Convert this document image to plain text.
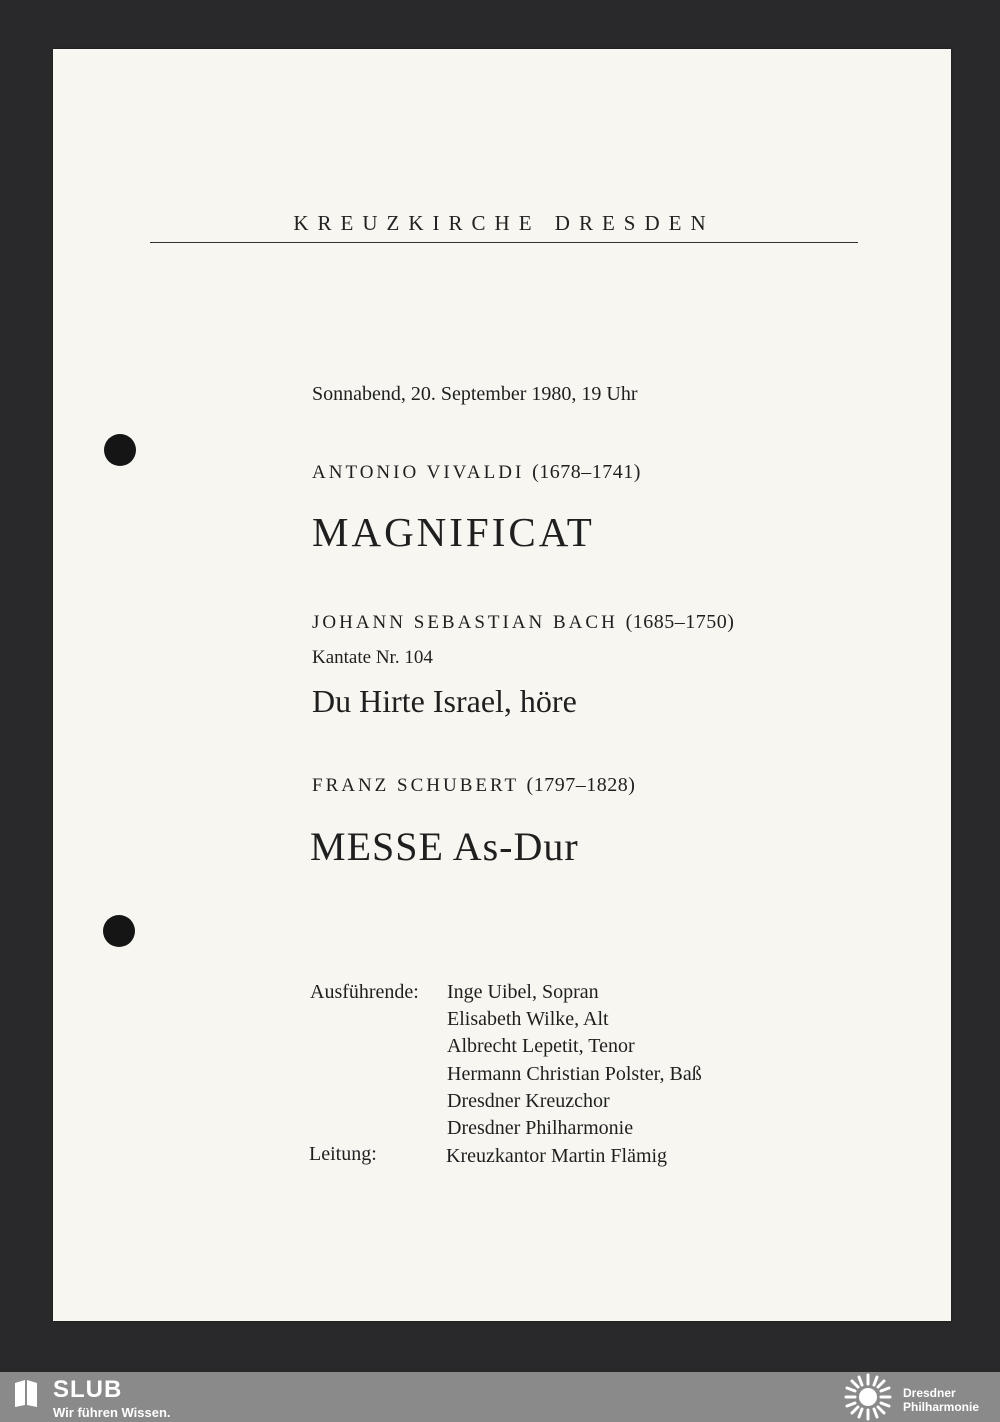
KREUZKIRCHE DRESDEN
Sonnabend, 20. September 1980, 19 Uhr
ANTONIO VIVALDI (1678–1741)
MAGNIFICAT
JOHANN SEBASTIAN BACH (1685–1750)
Kantate Nr. 104
Du Hirte Israel, höre
FRANZ SCHUBERT (1797–1828)
MESSE As-Dur
Ausführende: Inge Uibel, Sopran
Elisabeth Wilke, Alt
Albrecht Lepetit, Tenor
Hermann Christian Polster, Baß
Dresdner Kreuzchor
Dresdner Philharmonie
Leitung:	Kreuzkantor Martin Flämig
SLUB
Wir führen Wissen.
Dresdner
Philharmonie
